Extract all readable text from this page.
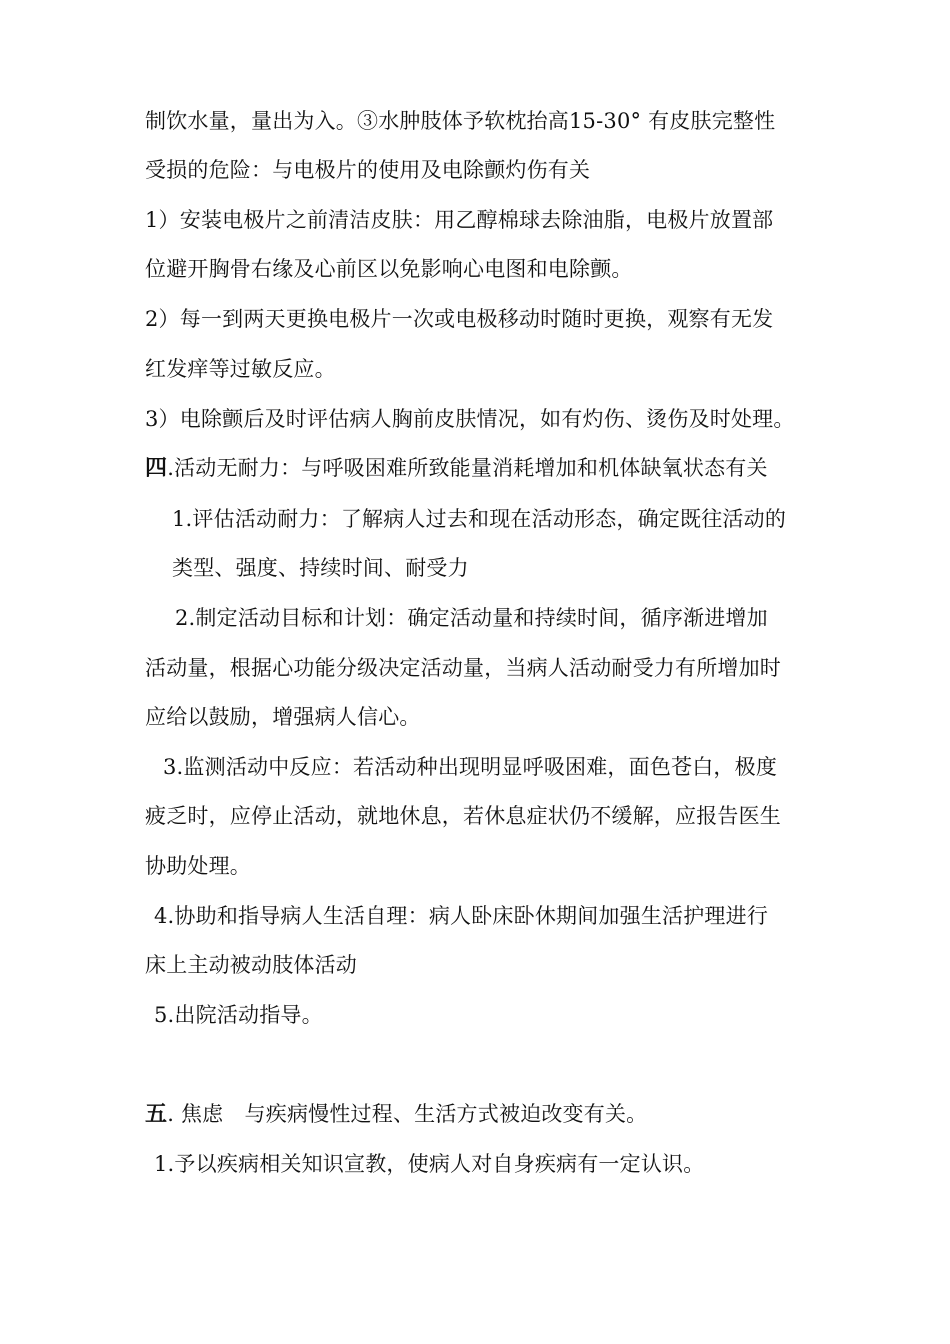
制饮水量，量出为入。③水肿肢体予软枕抬高15-30° 有皮肤完整性
受损的危险：与电极片的使用及电除颤灼伤有关
1）安装电极片之前清洁皮肤：用乙醇棉球去除油脂，电极片放置部
位避开胸骨右缘及心前区以免影响心电图和电除颤。
2）每一到两天更换电极片一次或电极移动时随时更换，观察有无发
红发痒等过敏反应。
3）电除颤后及时评估病人胸前皮肤情况，如有灼伤、烫伤及时处理。
四.活动无耐力：与呼吸困难所致能量消耗增加和机体缺氧状态有关
1.评估活动耐力：了解病人过去和现在活动形态，确定既往活动的
类型、强度、持续时间、耐受力
2.制定活动目标和计划：确定活动量和持续时间，循序渐进增加
活动量，根据心功能分级决定活动量，当病人活动耐受力有所增加时
应给以鼓励，增强病人信心。
3.监测活动中反应：若活动种出现明显呼吸困难，面色苍白，极度
疲乏时，应停止活动，就地休息，若休息症状仍不缓解，应报告医生
协助处理。
4.协助和指导病人生活自理：病人卧床卧休期间加强生活护理进行
床上主动被动肢体活动
5.出院活动指导。
五. 焦虑　与疾病慢性过程、生活方式被迫改变有关。
1.予以疾病相关知识宣教，使病人对自身疾病有一定认识。
